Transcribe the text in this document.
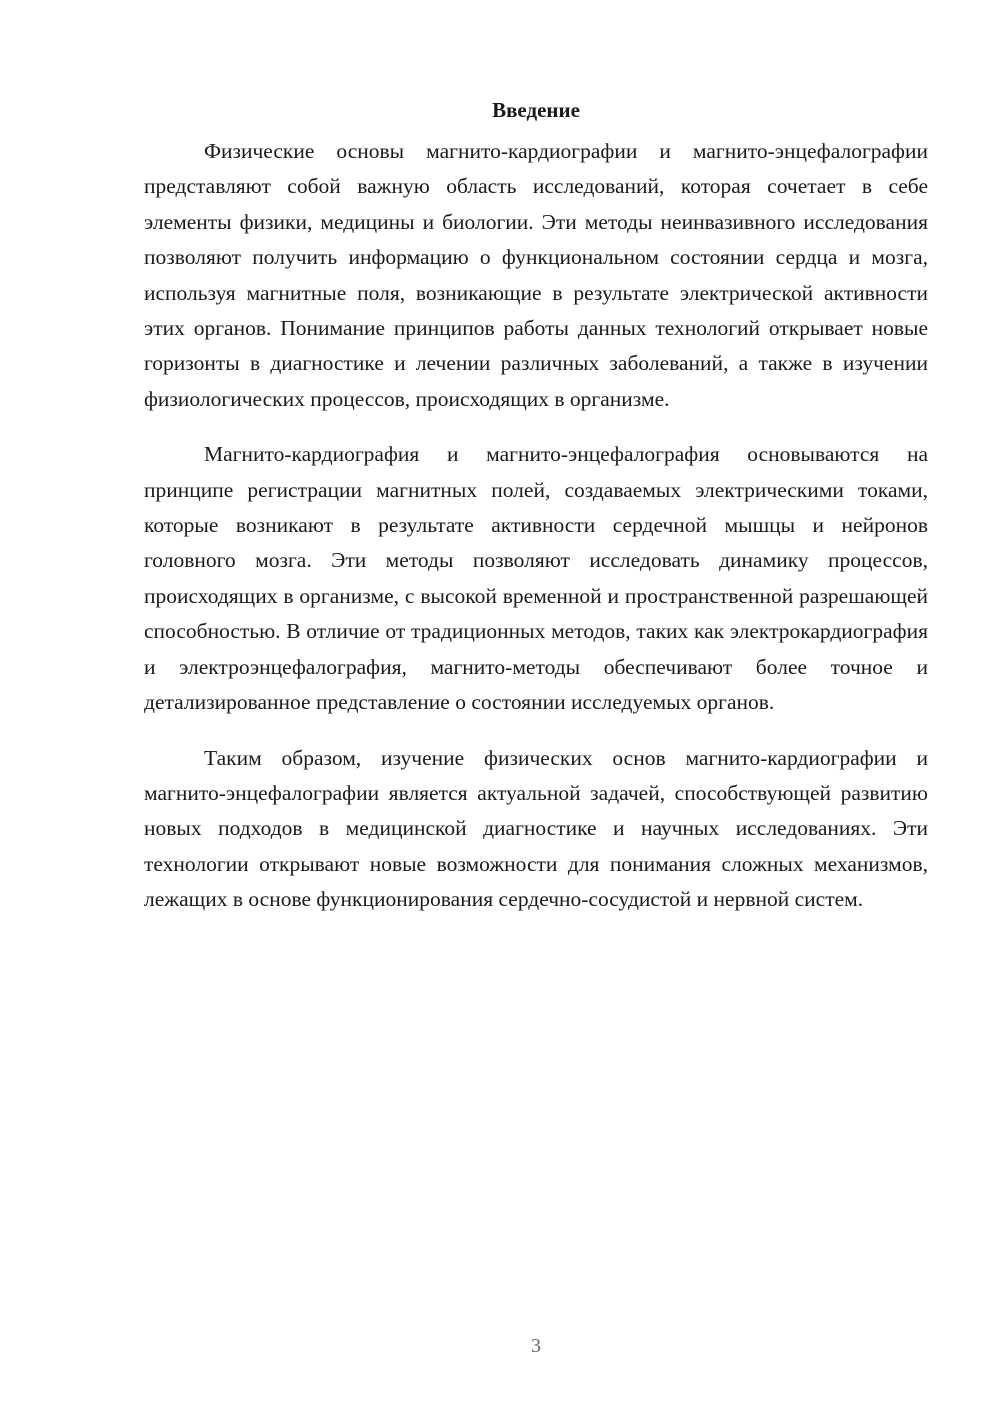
Введение

Физические основы магнито-кардиографии и магнито-энцефалографии представляют собой важную область исследований, которая сочетает в себе элементы физики, медицины и биологии. Эти методы неинвазивного исследования позволяют получить информацию о функциональном состоянии сердца и мозга, используя магнитные поля, возникающие в результате электрической активности этих органов. Понимание принципов работы данных технологий открывает новые горизонты в диагностике и лечении различных заболеваний, а также в изучении физиологических процессов, происходящих в организме.

Магнито-кардиография и магнито-энцефалография основываются на принципе регистрации магнитных полей, создаваемых электрическими токами, которые возникают в результате активности сердечной мышцы и нейронов головного мозга. Эти методы позволяют исследовать динамику процессов, происходящих в организме, с высокой временной и пространственной разрешающей способностью. В отличие от традиционных методов, таких как электрокардиография и электроэнцефалография, магнито-методы обеспечивают более точное и детализированное представление о состоянии исследуемых органов.

Таким образом, изучение физических основ магнито-кардиографии и магнито-энцефалографии является актуальной задачей, способствующей развитию новых подходов в медицинской диагностике и научных исследованиях. Эти технологии открывают новые возможности для понимания сложных механизмов, лежащих в основе функционирования сердечно-сосудистой и нервной систем.

3
